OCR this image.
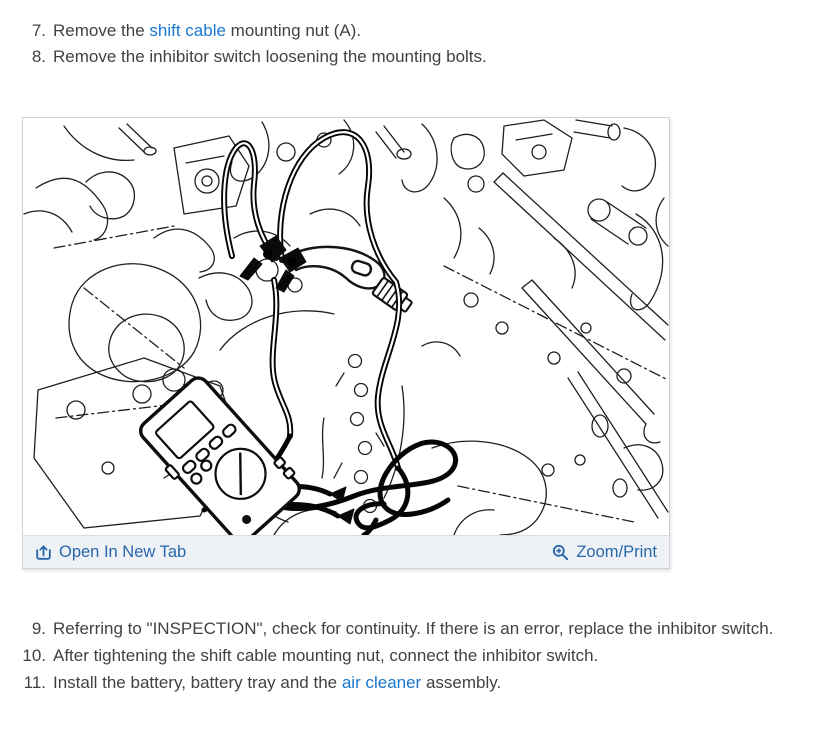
7. Remove the shift cable mounting nut (A).
8. Remove the inhibitor switch loosening the mounting bolts.
Open In New Tab	Zoom/Print
9. Referring to "INSPECTION", check for continuity. If there is an error, replace the inhibitor switch.
10. After tightening the shift cable mounting nut, connect the inhibitor switch.
11. Install the battery, battery tray and the air cleaner assembly.
